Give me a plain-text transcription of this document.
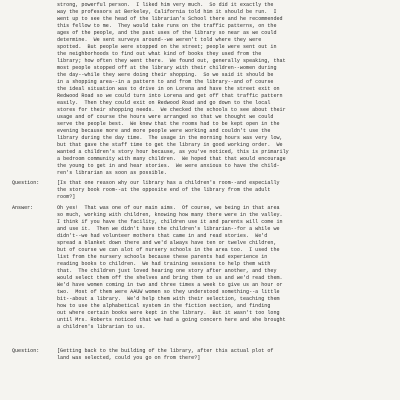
strong, powerful person.  I liked him very much.  So did it exactly the
way the professors at Berkeley, California told him it should be run.  I
went up to see the head of the librarian's School there and he recommended
this fellow to me.  They would take runs on the traffic patterns, on the
ages of the people, and the past uses of the library so near as we could
determine.  We sent surveys around--we weren't told where they were
spotted.  But people were stopped on the street; people were sent out in
the neighborhoods to find out what kind of books they used from the
library; how often they went there.  We found out, generally speaking, that
most people stopped off at the library with their children--women during
the day--while they were doing their shopping.  So we said it should be
in a shopping area--in a pattern to and from the library--and of course
the ideal situation was to drive in on Lorena and have the street exit on
Redwood Road so we could turn into Lorena and get off that traffic pattern
easily.  Then they could exit on Redwood Road and go down to the local
stores for their shopping needs.  We checked the schools to see about their
usage and of course the hours were arranged so that we thought we could
serve the people best.  We knew that the rooms had to be kept open in the
evening because more and more people were working and couldn't use the
library during the day time.  The usage in the morning hours was very low,
but that gave the staff time to get the library in good working order.  We
wanted a children's story hour because, as you've noticed, this is primarily
a bedroom community with many children.  We hoped that that would encourage
the young to get in and hear stories.  We were anxious to have the child-
ren's librarian as soon as possible.
Question:	[Is that one reason why our library has a children's room--and especially
the story book room--at the opposite end of the library from the adult
room?]
Answer:	Oh yes!  That was one of our main aims.  Of course, we being in that area
so much, working with children, knowing how many there were in the valley.
I think if you have the facility, children use it and parents will come in
and use it.  Then we didn't have the children's librarian--for a while we
didn't--we had volunteer mothers that came in and read stories.  We'd
spread a blanket down there and we'd always have ten or twelve children,
but of course we can alot of nursery schools in the area too.  I used the
list from the nursery schools because these parents had experience in
reading books to children.  We had training sessions to help them with
that.  The children just loved hearing one story after another, and they
would select them off the shelves and bring them to us and we'd read them.
We'd have women coming in two and three times a week to give us an hour or
two.  Most of them were AAUW women so they understood something--a little
bit--about a library.  We'd help them with their selection, teaching them
how to use the alphabetical system in the fiction section, and finding
out where certain books were kept in the library.  But it wasn't too long
until Mrs. Roberts noticed that we had a going concern here and she brought
a children's librarian to us.
Question:	[Getting back to the building of the library, after this actual plot of
land was selected, could you go on from there?]
